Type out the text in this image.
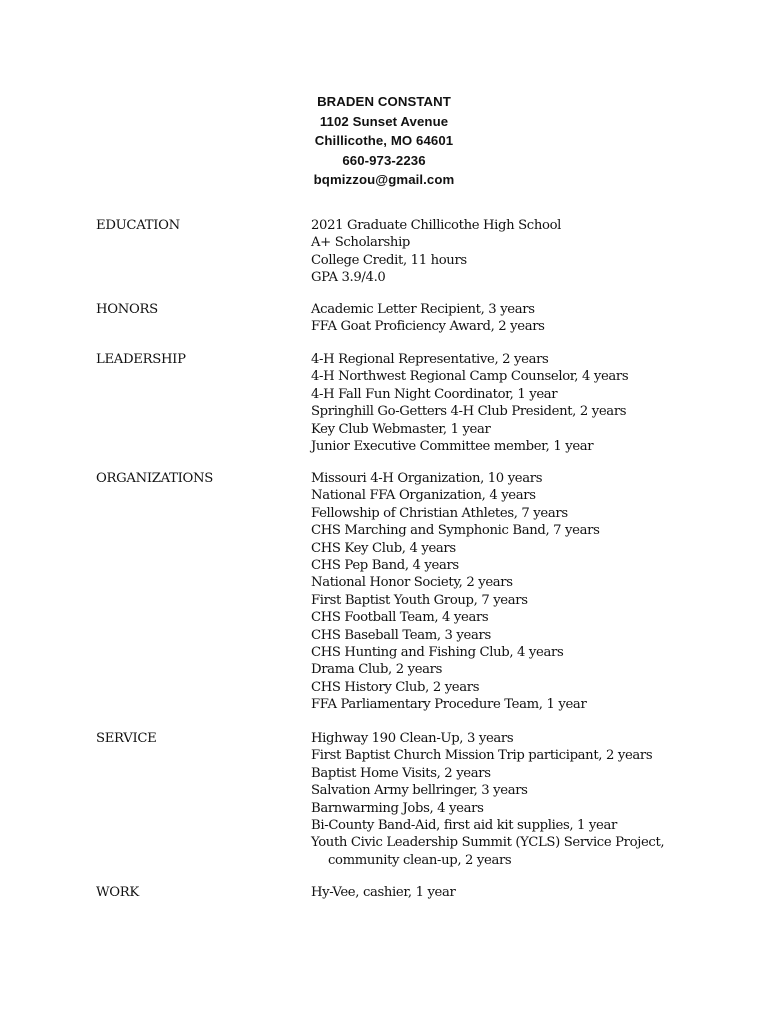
BRADEN CONSTANT
1102 Sunset Avenue
Chillicothe, MO 64601
660-973-2236
bqmizzou@gmail.com
EDUCATION	2021 Graduate Chillicothe High School
A+ Scholarship
College Credit, 11 hours
GPA 3.9/4.0
HONORS	Academic Letter Recipient, 3 years
FFA Goat Proficiency Award, 2 years
LEADERSHIP	4-H Regional Representative, 2 years
4-H Northwest Regional Camp Counselor, 4 years
4-H Fall Fun Night Coordinator, 1 year
Springhill Go-Getters 4-H Club President, 2 years
Key Club Webmaster, 1 year
Junior Executive Committee member, 1 year
ORGANIZATIONS	Missouri 4-H Organization, 10 years
National FFA Organization, 4 years
Fellowship of Christian Athletes, 7 years
CHS Marching and Symphonic Band, 7 years
CHS Key Club, 4 years
CHS Pep Band, 4 years
National Honor Society, 2 years
First Baptist Youth Group, 7 years
CHS Football Team, 4 years
CHS Baseball Team, 3 years
CHS Hunting and Fishing Club, 4 years
Drama Club, 2 years
CHS History Club, 2 years
FFA Parliamentary Procedure Team, 1 year
SERVICE	Highway 190 Clean-Up, 3 years
First Baptist Church Mission Trip participant, 2 years
Baptist Home Visits, 2 years
Salvation Army bellringer, 3 years
Barnwarming Jobs, 4 years
Bi-County Band-Aid, first aid kit supplies, 1 year
Youth Civic Leadership Summit (YCLS) Service Project,
community clean-up, 2 years
WORK	Hy-Vee, cashier, 1 year
